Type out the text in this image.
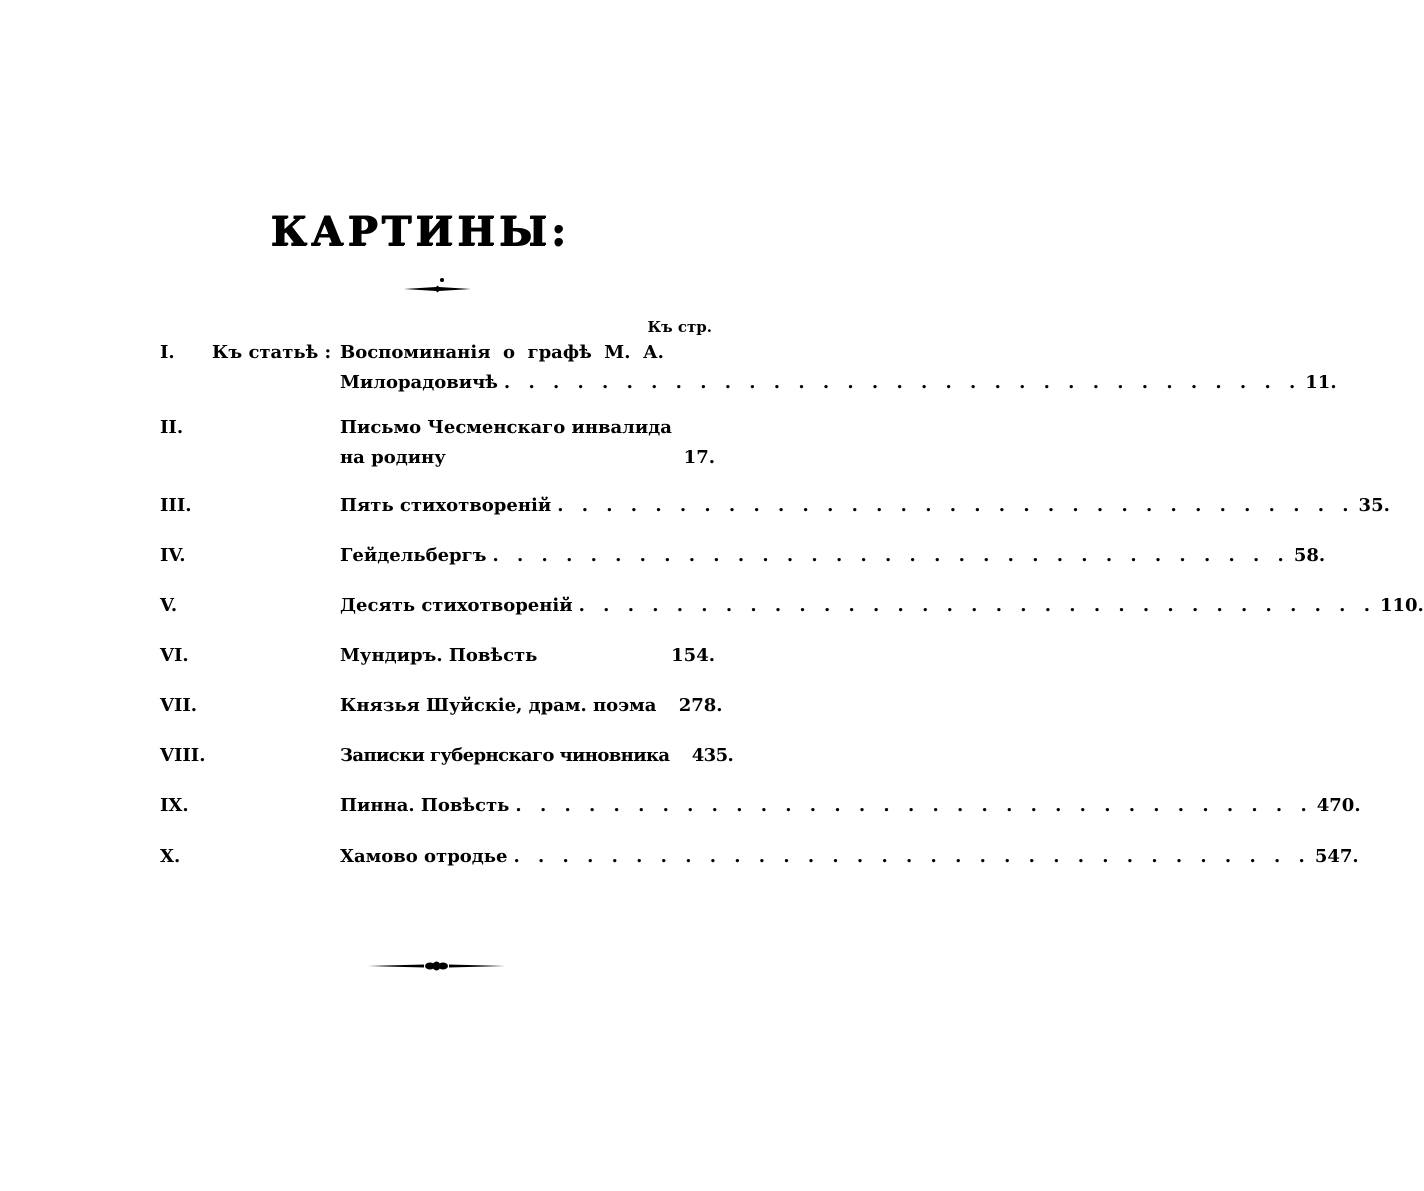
КАРТИНЫ:
Къ стр.
I.	Къ статьѣ : Воспоминанія  о  графѣ  М.  А.
Милорадовичѣ . . . . . . . . . . . . . . . . . . . . . . . . . . . . . . . . . 11.
II.	Письмо Чесменскаго инвалида
на родину	17.
III.	Пять стихотвореній . . . . . . . . . . . . . . . . . . . . . . . . . . . . . . . . . 35.
IV.	Гейдельбергъ . . . . . . . . . . . . . . . . . . . . . . . . . . . . . . . . . 58.
V.	Десять стихотвореній . . . . . . . . . . . . . . . . . . . . . . . . . . . . . . . . . 110.
VI.	Мундиръ. Повѣсть	154.
VII.	Князья Шуйскіе, драм. поэма 278.
VIII.	Записки губернскаго чиновника 435.
IX.	Пинна. Повѣсть . . . . . . . . . . . . . . . . . . . . . . . . . . . . . . . . . 470.
X.	Хамово отродье . . . . . . . . . . . . . . . . . . . . . . . . . . . . . . . . . 547.
